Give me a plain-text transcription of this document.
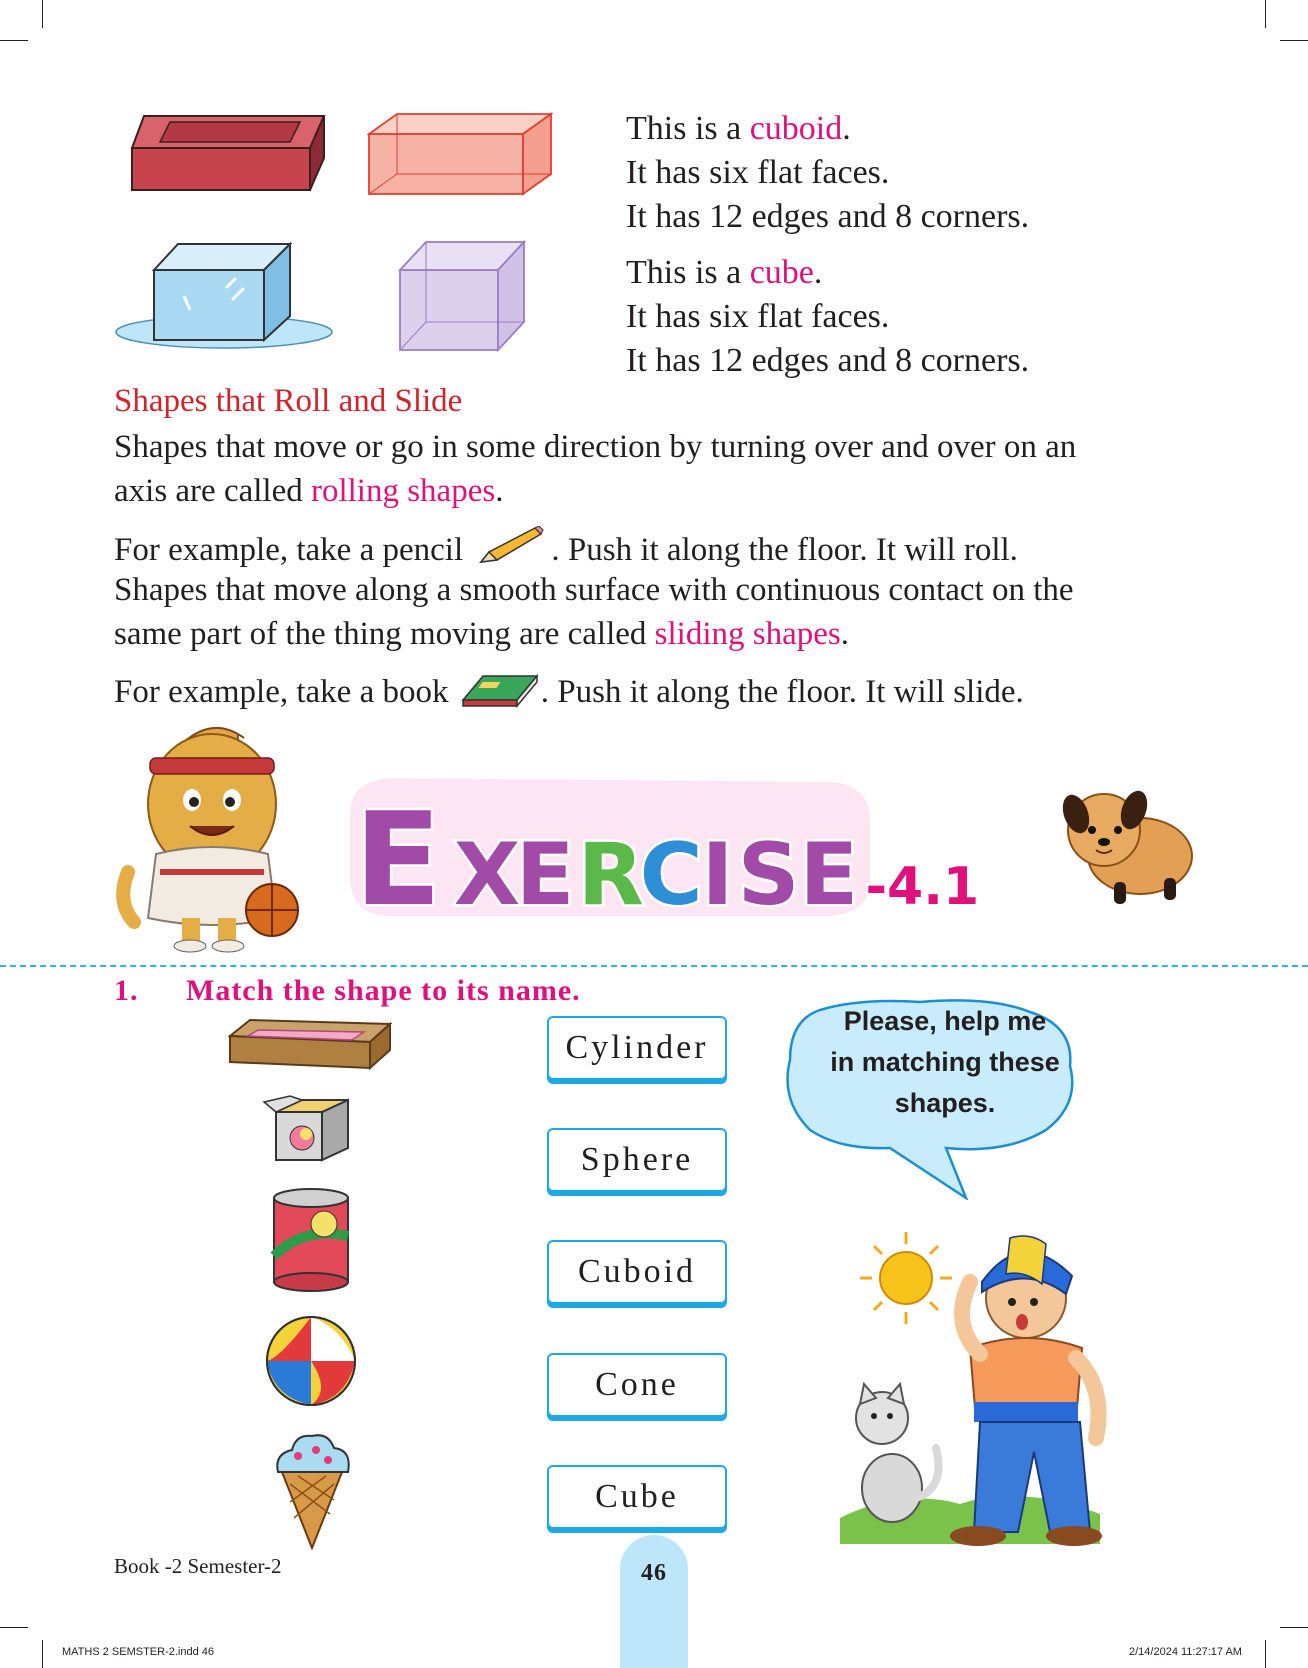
This is a cuboid.
It has six flat faces.
It has 12 edges and 8 corners.
This is a cube.
It has six flat faces.
It has 12 edges and 8 corners.
Shapes that Roll and Slide
Shapes that move or go in some direction by turning over and over on an
axis are called rolling shapes.
For example, take a pencil	. Push it along the floor. It will roll.
Shapes that move along a smooth surface with continuous contact on the
same part of the thing moving are called sliding shapes.
For example, take a book	. Push it along the floor. It will slide.
E X
E R
C
I S E -4.1
1. Match the shape to its name.
Cylinder
Sphere
Cuboid
Cone
Cube
Please, help me
in matching these
shapes.
Book -2 Semester-2	46
MATHS 2 SEMSTER-2.indd 46	2/14/2024 11:27:17 AM
